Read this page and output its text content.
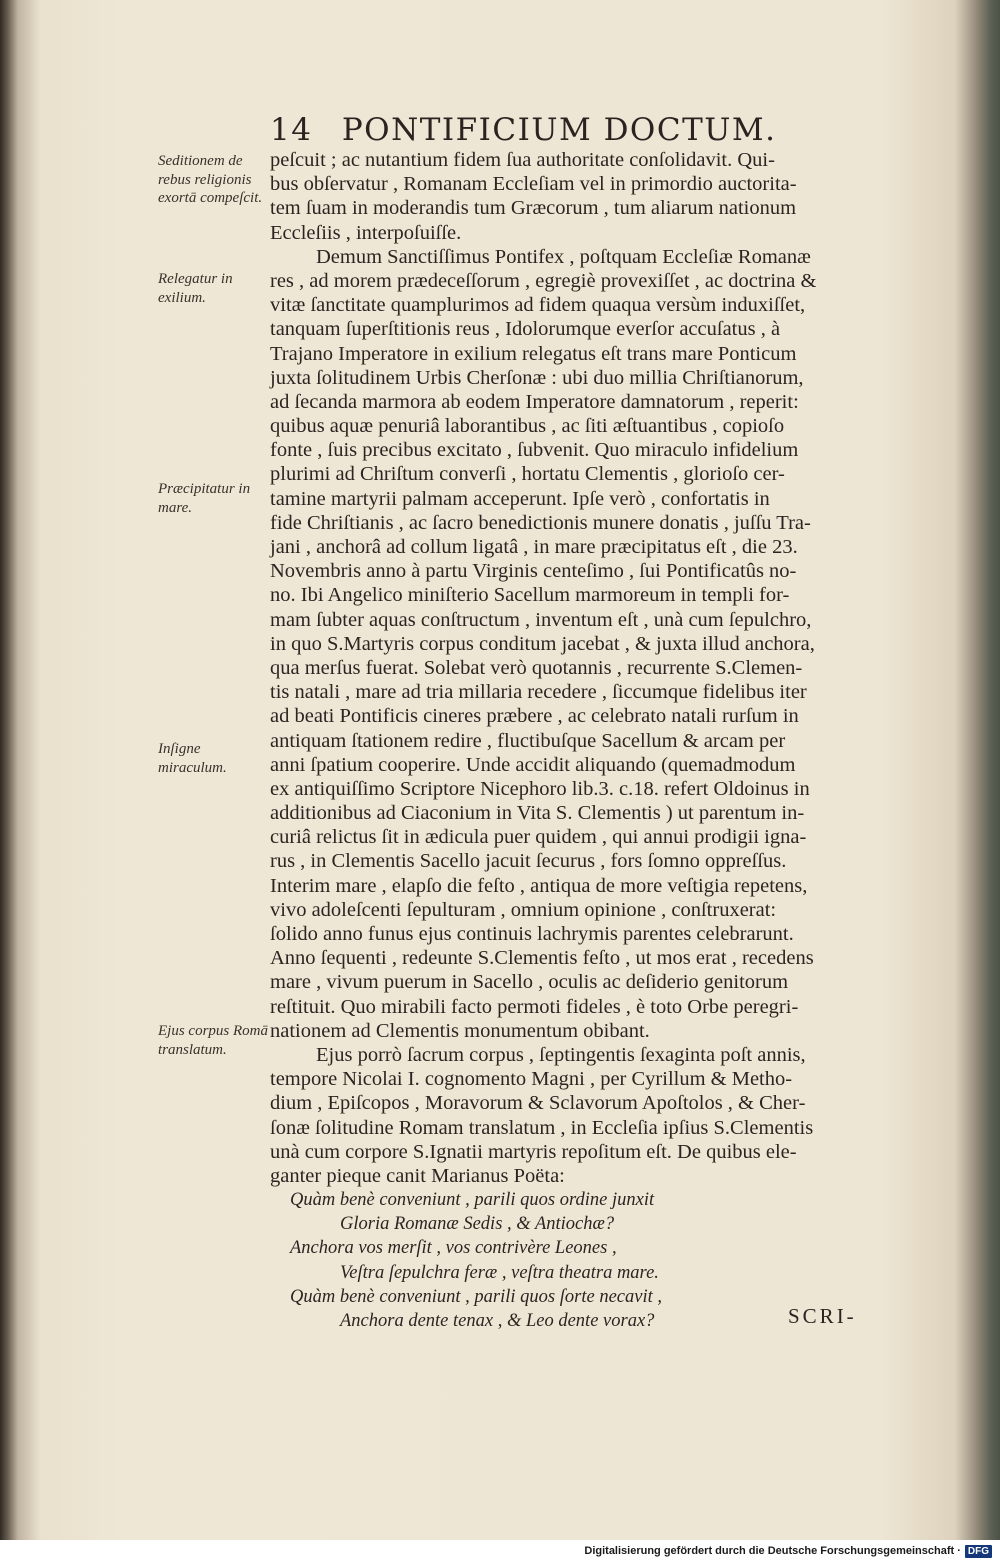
14 PONTIFICIUM DOCTUM.
Seditionem de rebus religionis exortā compeſcit.
Relegatur in exilium.
Præcipitatur in mare.
Inſigne miraculum.
Ejus corpus Romā translatum.
peſcuit ; ac nutantium fidem ſua authoritate conſolidavit. Qui-
bus obſervatur , Romanam Eccleſiam vel in primordio auctorita-
tem ſuam in moderandis tum Græcorum , tum aliarum nationum
Eccleſiis , interpoſuiſſe.
Demum Sanctiſſimus Pontifex , poſtquam Eccleſiæ Romanæ
res , ad morem prædeceſſorum , egregiè provexiſſet , ac doctrina &
vitæ ſanctitate quamplurimos ad fidem quaqua versùm induxiſſet,
tanquam ſuperſtitionis reus , Idolorumque everſor accuſatus , à
Trajano Imperatore in exilium relegatus eſt trans mare Ponticum
juxta ſolitudinem Urbis Cherſonæ : ubi duo millia Chriſtianorum,
ad ſecanda marmora ab eodem Imperatore damnatorum , reperit:
quibus aquæ penuriâ laborantibus , ac ſiti æſtuantibus , copioſo
fonte , ſuis precibus excitato , ſubvenit. Quo miraculo infidelium
plurimi ad Chriſtum converſi , hortatu Clementis , glorioſo cer-
tamine martyrii palmam acceperunt. Ipſe verò , confortatis in
fide Chriſtianis , ac ſacro benedictionis munere donatis , juſſu Tra-
jani , anchorâ ad collum ligatâ , in mare præcipitatus eſt , die 23.
Novembris anno à partu Virginis centeſimo , ſui Pontificatûs no-
no. Ibi Angelico miniſterio Sacellum marmoreum in templi for-
mam ſubter aquas conſtructum , inventum eſt , unà cum ſepulchro,
in quo S.Martyris corpus conditum jacebat , & juxta illud anchora,
qua merſus fuerat. Solebat verò quotannis , recurrente S.Clemen-
tis natali , mare ad tria millaria recedere , ſiccumque fidelibus iter
ad beati Pontificis cineres præbere , ac celebrato natali rurſum in
antiquam ſtationem redire , fluctibuſque Sacellum & arcam per
anni ſpatium cooperire. Unde accidit aliquando (quemadmodum
ex antiquiſſimo Scriptore Nicephoro lib.3. c.18. refert Oldoinus in
additionibus ad Ciaconium in Vita S. Clementis ) ut parentum in-
curiâ relictus ſit in ædicula puer quidem , qui annui prodigii igna-
rus , in Clementis Sacello jacuit ſecurus , fors ſomno oppreſſus.
Interim mare , elapſo die feſto , antiqua de more veſtigia repetens,
vivo adoleſcenti ſepulturam , omnium opinione , conſtruxerat:
ſolido anno funus ejus continuis lachrymis parentes celebrarunt.
Anno ſequenti , redeunte S.Clementis feſto , ut mos erat , recedens
mare , vivum puerum in Sacello , oculis ac deſiderio genitorum
reſtituit. Quo mirabili facto permoti fideles , è toto Orbe peregri-
nationem ad Clementis monumentum obibant.
Ejus porrò ſacrum corpus , ſeptingentis ſexaginta poſt annis,
tempore Nicolai I. cognomento Magni , per Cyrillum & Metho-
dium , Epiſcopos , Moravorum & Sclavorum Apoſtolos , & Cher-
ſonæ ſolitudine Romam translatum , in Eccleſia ipſius S.Clementis
unà cum corpore S.Ignatii martyris repoſitum eſt. De quibus ele-
ganter pieque canit Marianus Poëta:
Quàm benè conveniunt , parili quos ordine junxit
Gloria Romanæ Sedis , & Antiochæ?
Anchora vos merſit , vos contrivère Leones ,
Veſtra ſepulchra feræ , veſtra theatra mare.
Quàm benè conveniunt , parili quos ſorte necavit ,
Anchora dente tenax , & Leo dente vorax?	SCRI-
Digitalisierung gefördert durch die Deutsche Forschungsgemeinschaft · DFG
